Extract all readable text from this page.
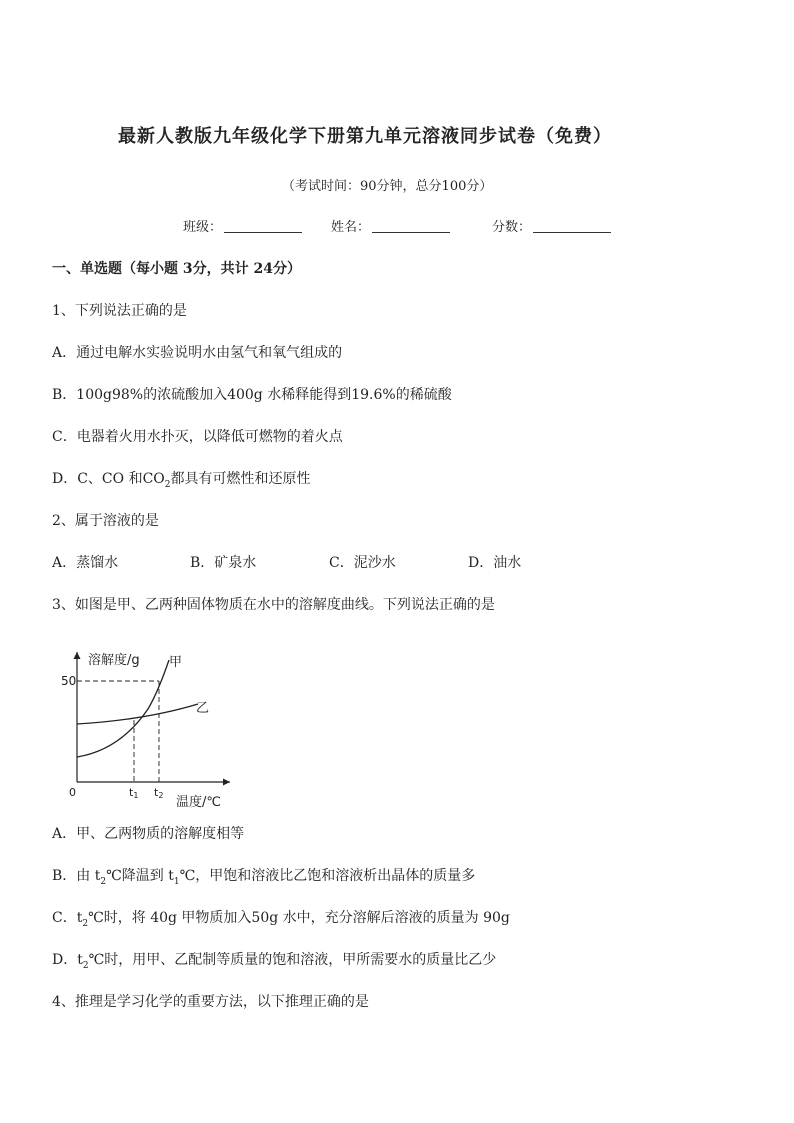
最新人教版九年级化学下册第九单元溶液同步试卷（免费）
（考试时间：90分钟，总分100分）
班级：	姓名：	分数：
一、单选题（每小题 3分，共计 24分）
1、下列说法正确的是
A．通过电解水实验说明水由氢气和氧气组成的
B．100g98%的浓硫酸加入400g 水稀释能得到19.6%的稀硫酸
C．电器着火用水扑灭，以降低可燃物的着火点
D．C、CO 和$CO_2$都具有可燃性和还原性
2、属于溶液的是
A．蒸馏水	B．矿泉水	C．泥沙水	D．油水
3、如图是甲、乙两种固体物质在水中的溶解度曲线。下列说法正确的是
溶解度/g 甲
乙
50
0	t1 t2 温度/℃
A．甲、乙两物质的溶解度相等
B．由 $t_2℃$降温到 $t_1℃$，甲饱和溶液比乙饱和溶液析出晶体的质量多
C．$t_2℃$时，将 40g 甲物质加入50g 水中，充分溶解后溶液的质量为 90g
D．$t_2℃$时，用甲、乙配制等质量的饱和溶液，甲所需要水的质量比乙少
4、推理是学习化学的重要方法，以下推理正确的是
